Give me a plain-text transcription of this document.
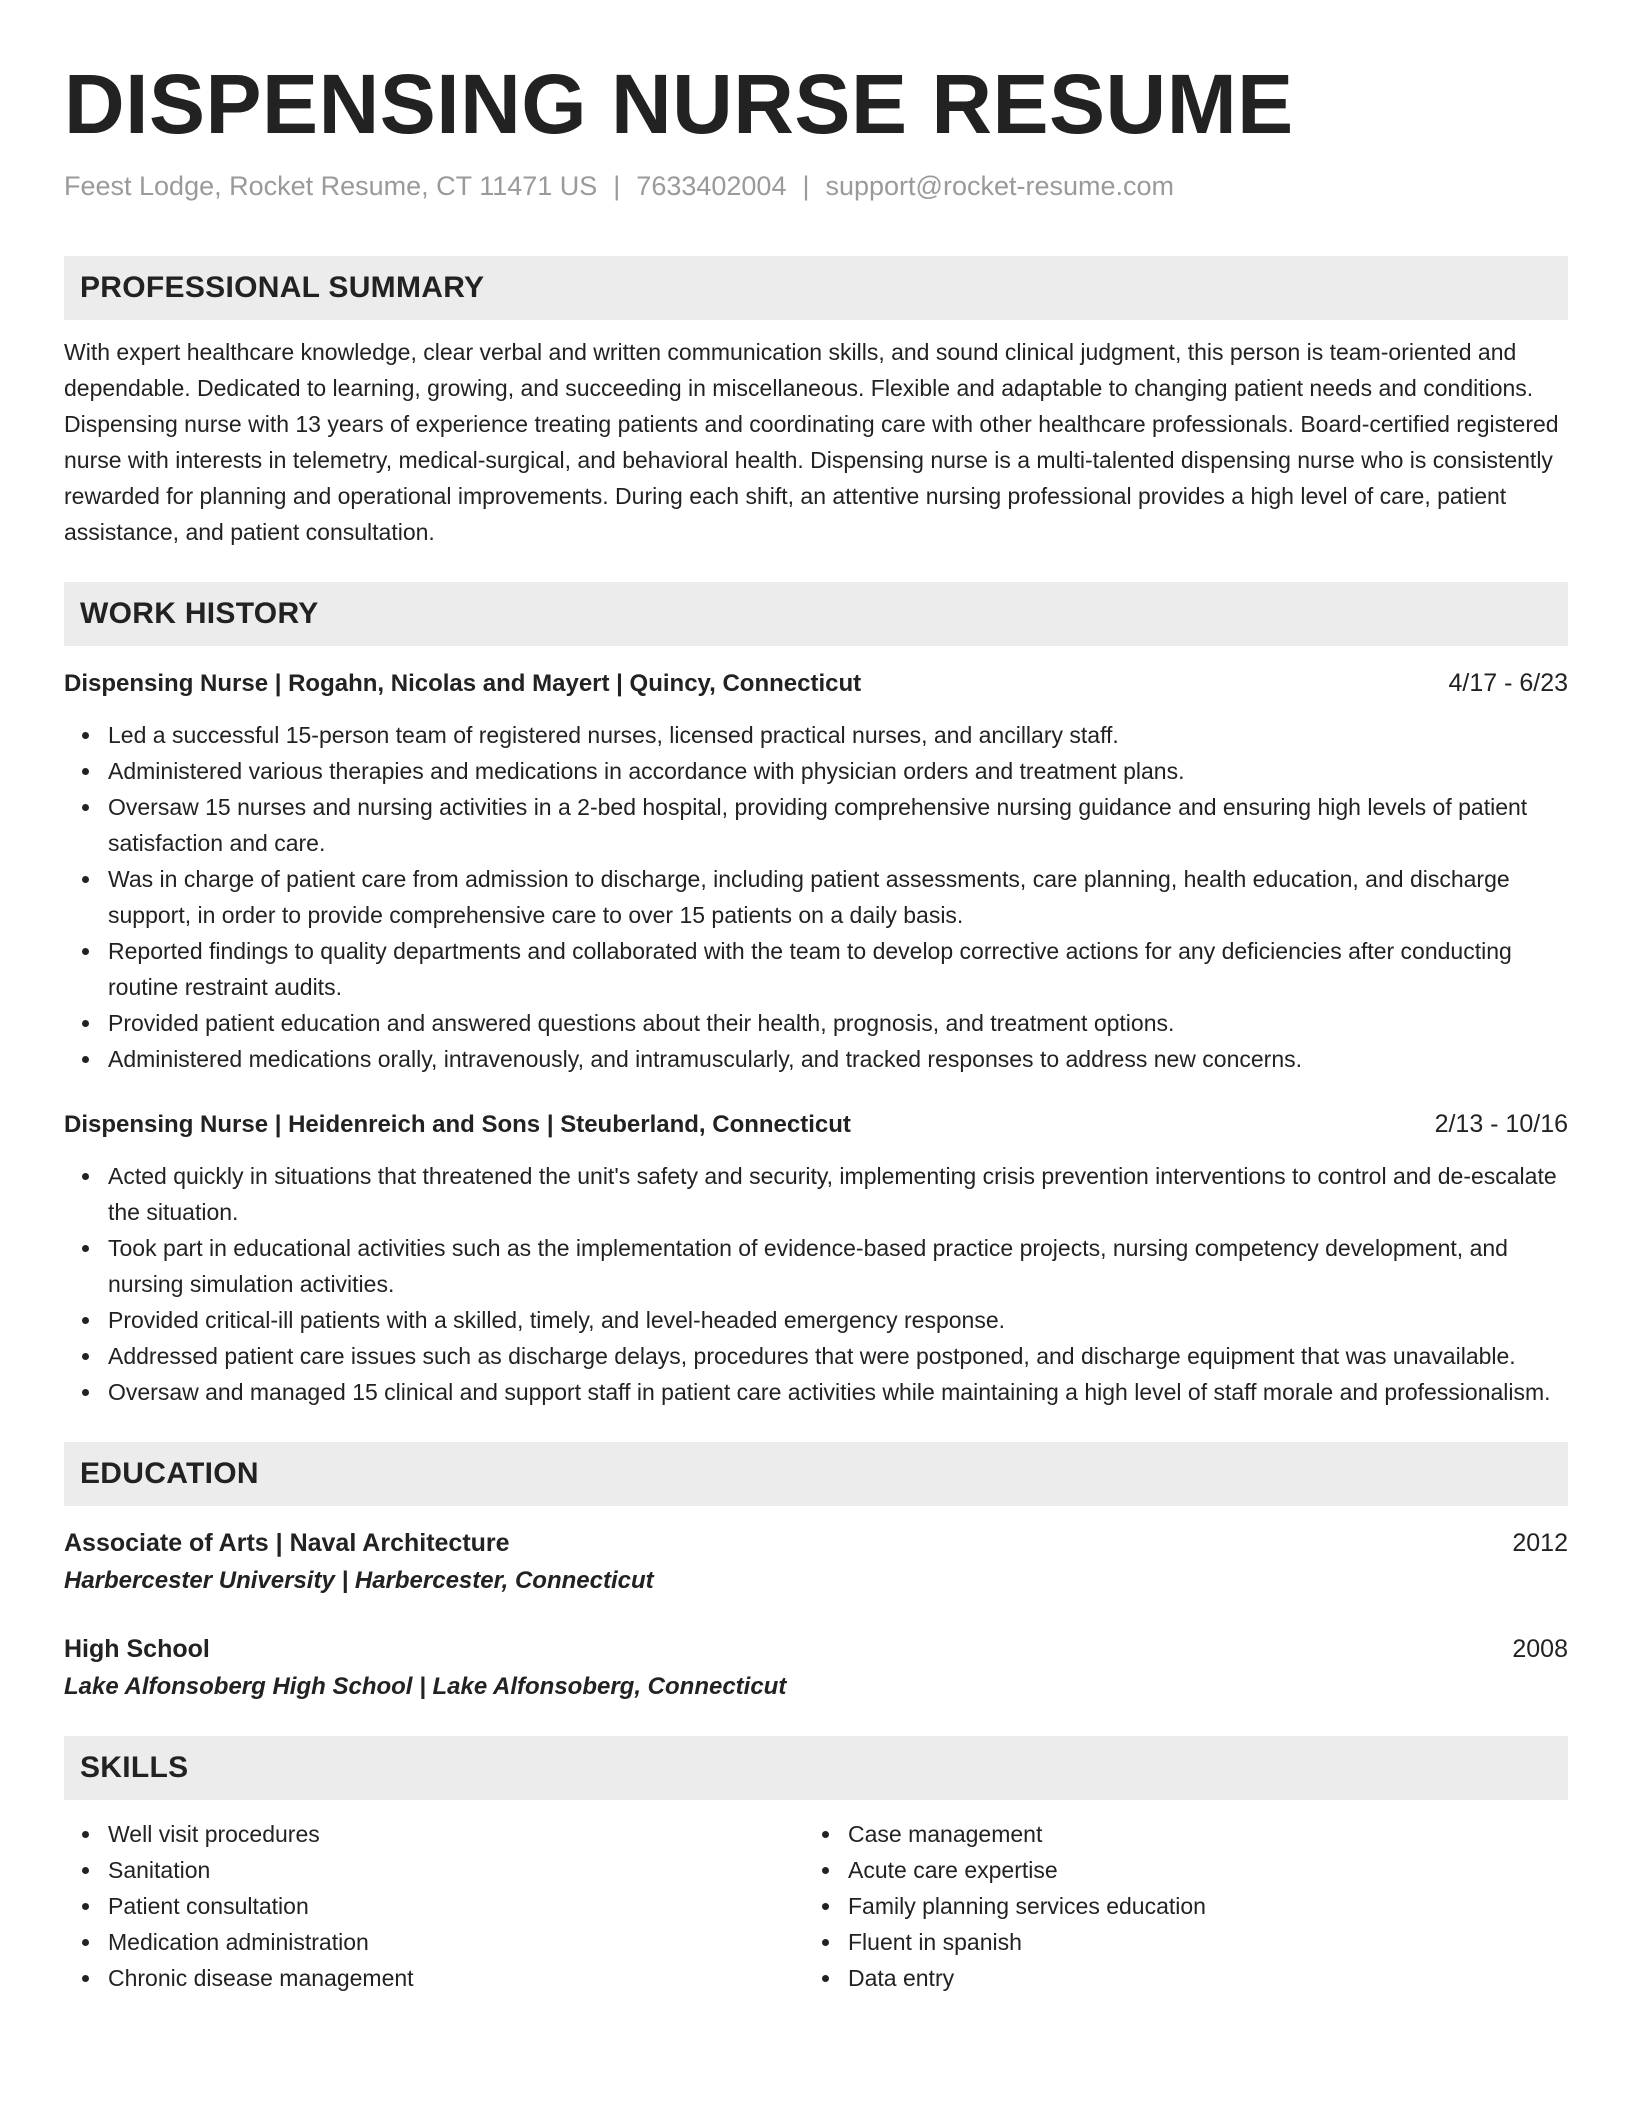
DISPENSING NURSE RESUME
Feest Lodge, Rocket Resume, CT 11471 US | 7633402004 | support@rocket-resume.com
PROFESSIONAL SUMMARY

With expert healthcare knowledge, clear verbal and written communication skills, and sound clinical judgment, this person is team-oriented and dependable. Dedicated to learning, growing, and succeeding in miscellaneous. Flexible and adaptable to changing patient needs and conditions. Dispensing nurse with 13 years of experience treating patients and coordinating care with other healthcare professionals. Board-certified registered nurse with interests in telemetry, medical-surgical, and behavioral health. Dispensing nurse is a multi-talented dispensing nurse who is consistently rewarded for planning and operational improvements. During each shift, an attentive nursing professional provides a high level of care, patient assistance, and patient consultation.

WORK HISTORY
Dispensing Nurse | Rogahn, Nicolas and Mayert | Quincy, Connecticut	4/17 - 6/23
Led a successful 15-person team of registered nurses, licensed practical nurses, and ancillary staff.
Administered various therapies and medications in accordance with physician orders and treatment plans.
Oversaw 15 nurses and nursing activities in a 2-bed hospital, providing comprehensive nursing guidance and ensuring high levels of patient satisfaction and care.
Was in charge of patient care from admission to discharge, including patient assessments, care planning, health education, and discharge support, in order to provide comprehensive care to over 15 patients on a daily basis.
Reported findings to quality departments and collaborated with the team to develop corrective actions for any deficiencies after conducting routine restraint audits.
Provided patient education and answered questions about their health, prognosis, and treatment options.
Administered medications orally, intravenously, and intramuscularly, and tracked responses to address new concerns.
Dispensing Nurse | Heidenreich and Sons | Steuberland, Connecticut	2/13 - 10/16
Acted quickly in situations that threatened the unit's safety and security, implementing crisis prevention interventions to control and de-escalate the situation.
Took part in educational activities such as the implementation of evidence-based practice projects, nursing competency development, and nursing simulation activities.
Provided critical-ill patients with a skilled, timely, and level-headed emergency response.
Addressed patient care issues such as discharge delays, procedures that were postponed, and discharge equipment that was unavailable.
Oversaw and managed 15 clinical and support staff in patient care activities while maintaining a high level of staff morale and professionalism.
EDUCATION
Associate of Arts | Naval Architecture	2012
Harbercester University | Harbercester, Connecticut
High School	2008
Lake Alfonsoberg High School | Lake Alfonsoberg, Connecticut
SKILLS
Well visit procedures
Sanitation
Patient consultation
Medication administration
Chronic disease management
Case management
Acute care expertise
Family planning services education
Fluent in spanish
Data entry
